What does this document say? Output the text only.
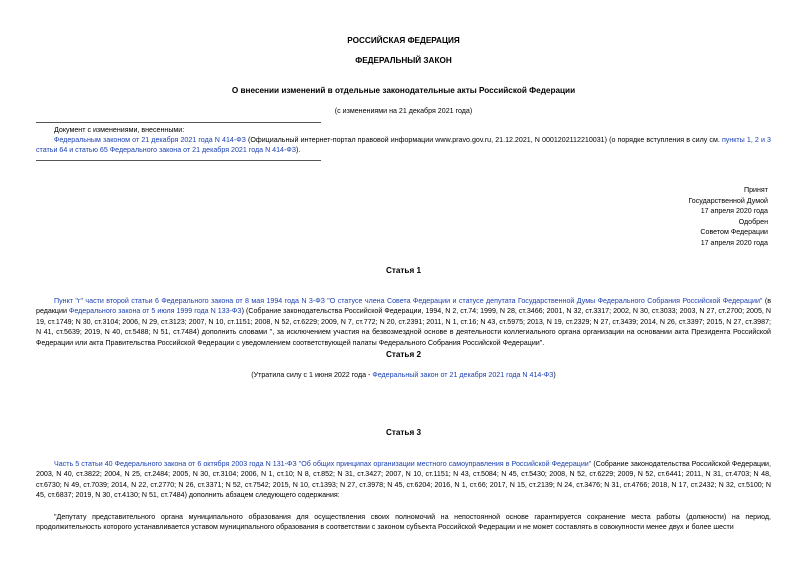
РОССИЙСКАЯ ФЕДЕРАЦИЯ
ФЕДЕРАЛЬНЫЙ ЗАКОН
О внесении изменений в отдельные законодательные акты Российской Федерации
(с изменениями на 21 декабря 2021 года)
Документ с изменениями, внесенными:

Федеральным законом от 21 декабря 2021 года N 414-ФЗ (Официальный интернет-портал правовой информации www.pravo.gov.ru, 21.12.2021, N 0001202112210031) (о порядке вступления в силу см. пункты 1, 2 и 3 статьи 64 и статью 65 Федерального закона от 21 декабря 2021 года N 414-ФЗ).

Принят
Государственной Думой
17 апреля 2020 года
Одобрен
Советом Федерации
17 апреля 2020 года
Статья 1

Пункт "г" части второй статьи 6 Федерального закона от 8 мая 1994 года N 3-ФЗ "О статусе члена Совета Федерации и статусе депутата Государственной Думы Федерального Собрания Российской Федерации" (в редакции Федерального закона от 5 июля 1999 года N 133-ФЗ) (Собрание законодательства Российской Федерации, 1994, N 2, ст.74; 1999, N 28, ст.3466; 2001, N 32, ст.3317; 2002, N 30, ст.3033; 2003, N 27, ст.2700; 2005, N 19, ст.1749; N 30, ст.3104; 2006, N 29, ст.3123; 2007, N 10, ст.1151; 2008, N 52, ст.6229; 2009, N 7, ст.772; N 20, ст.2391; 2011, N 1, ст.16; N 43, ст.5975; 2013, N 19, ст.2329; N 27, ст.3439; 2014, N 26, ст.3397; 2015, N 27, ст.3987; N 41, ст.5639; 2019, N 40, ст.5488; N 51, ст.7484) дополнить словами ", за исключением участия на безвозмездной основе в деятельности коллегиального органа организации на основании акта Президента Российской Федерации или акта Правительства Российской Федерации с уведомлением соответствующей палаты Федерального Собрания Российской Федерации".

Статья 2
(Утратила силу с 1 июня 2022 года - Федеральный закон от 21 декабря 2021 года N 414-ФЗ)
Статья 3

Часть 5 статьи 40 Федерального закона от 6 октября 2003 года N 131-ФЗ "Об общих принципах организации местного самоуправления в Российской Федерации" (Собрание законодательства Российской Федерации, 2003, N 40, ст.3822; 2004, N 25, ст.2484; 2005, N 30, ст.3104; 2006, N 1, ст.10; N 8, ст.852; N 31, ст.3427; 2007, N 10, ст.1151; N 43, ст.5084; N 45, ст.5430; 2008, N 52, ст.6229; 2009, N 52, ст.6441; 2011, N 31, ст.4703; N 48, ст.6730; N 49, ст.7039; 2014, N 22, ст.2770; N 26, ст.3371; N 52, ст.7542; 2015, N 10, ст.1393; N 27, ст.3978; N 45, ст.6204; 2016, N 1, ст.66; 2017, N 15, ст.2139; N 24, ст.3476; N 31, ст.4766; 2018, N 17, ст.2432; N 32, ст.5100; N 45, ст.6837; 2019, N 30, ст.4130; N 51, ст.7484) дополнить абзацем следующего содержания:

"Депутату представительного органа муниципального образования для осуществления своих полномочий на непостоянной основе гарантируется сохранение места работы (должности) на период, продолжительность которого устанавливается уставом муниципального образования в соответствии с законом субъекта Российской Федерации и не может составлять в совокупности менее двух и более шести
